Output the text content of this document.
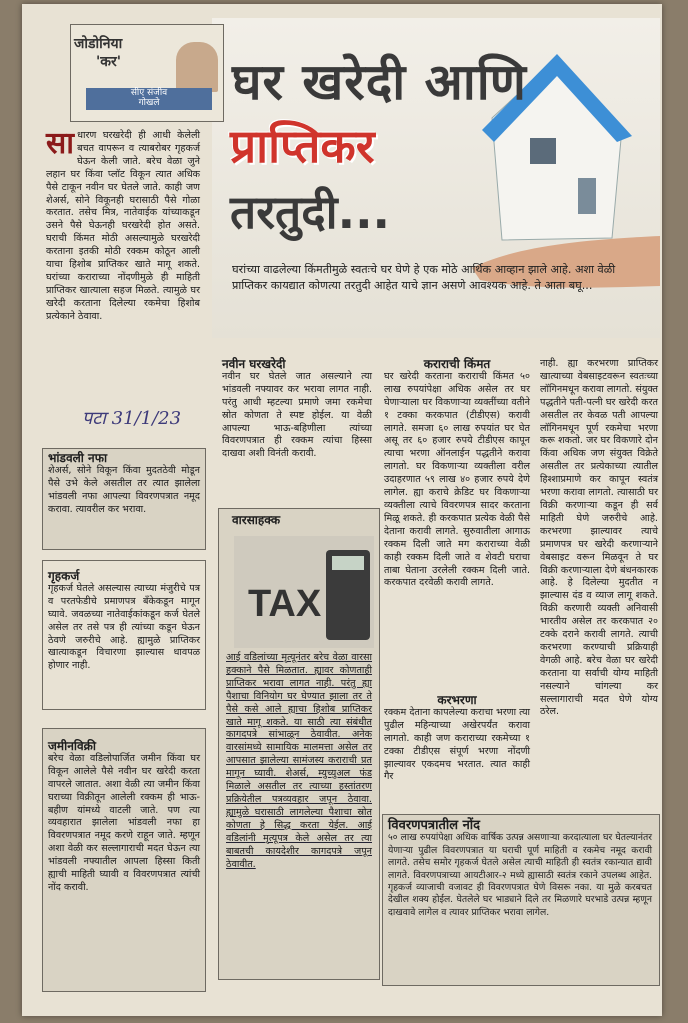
जोडोनिया
'कर'
सीए संजीव
गोखले	घर खरेदी आणि
प्राप्तिकर
तरतुदी...
घरांच्या वाढलेल्या किंमतीमुळे स्वतःचे घर घेणे हे एक मोठे आर्थिक आव्हान झाले आहे. अशा वेळी प्राप्तिकर कायद्यात कोणत्या तरतुदी आहेत याचे ज्ञान असणे आवश्यक आहे. ते आता बघू...
सा धारण घरखरेदी ही आधी केलेली बचत वापरून व त्याबरोबर गृहकर्ज घेऊन केली जाते. बरेच वेळा जुने लहान घर किंवा प्लॉट विकून त्यात अधिक पैसे टाकून नवीन घर घेतले जाते. काही जण शेअर्स, सोने विकूनही घरासाठी पैसे गोळा करतात. तसेच मित्र, नातेवाईक यांच्याकडून उसने पैसे घेऊनही घरखरेदी होत असते. घराची किंमत मोठी असल्यामुळे घरखरेदी करताना इतकी मोठी रक्कम कोठून आली याचा हिशोब प्राप्तिकर खाते मागू शकते. घरांच्या कराराच्या नोंदणीमुळे ही माहिती प्राप्तिकर खात्याला सहज मिळते. त्यामुळे घर खरेदी करताना दिलेल्या रकमेचा हिशोब प्रत्येकाने ठेवावा.
पटा 31/1/23

भांडवली नफा

शेअर्स, सोने विकून किंवा मुदतठेवी मोडून पैसे उभे केले असतील तर त्यात झालेला भांडवली नफा आपल्या विवरणपत्रात नमूद करावा. त्यावरील कर भरावा.

गृहकर्ज

गृहकर्ज घेतले असल्यास त्याच्या मंजुरीचे पत्र व परतफेडीचे प्रमाणपत्र बँकेकडून मागून घ्यावे. जवळच्या नातेवाईकांकडून कर्ज घेतले असेल तर तसे पत्र ही त्यांच्या कडून घेऊन ठेवणे जरुरीचे आहे. ह्यामुळे प्राप्तिकर खात्याकडून विचारणा झाल्यास धावपळ होणार नाही.

जमीनविक्री

बरेच वेळा वडिलोपार्जित जमीन किंवा घर विकून आलेले पैसे नवीन घर खरेदी करता वापरले जातात. अशा वेळी त्या जमीन किंवा घराच्या विक्रीतून आलेली रक्कम ही भाऊ-बहीण यांमध्ये वाटली जाते. पण त्या व्यवहारात झालेला भांडवली नफा हा विवरणपत्रात नमूद करणे राहून जाते. म्हणून अशा वेळी कर सल्लागाराची मदत घेऊन त्या भांडवली नफ्यातील आपला हिस्सा किती ह्याची माहिती घ्यावी व विवरणपत्रात त्यांची नोंद करावी.

नवीन घरखरेदी

नवीन घर घेतले जात असल्याने त्या भांडवली नफ्यावर कर भरावा लागत नाही. परंतु आधी म्हटल्या प्रमाणे जमा रकमेचा स्रोत कोणता ते स्पष्ट होईल. या वेळी आपल्या भाऊ-बहिणीला त्यांच्या विवरणपत्रात ही रक्कम त्यांचा हिस्सा दाखवा अशी विनंती करावी.

वारसाहक्क

TAX

आई वडिलांच्या मृत्यूनंतर बरेच वेळा वारसा हक्काने पैसे मिळतात. ह्यावर कोणताही प्राप्तिकर भरावा लागत नाही. परंतु ह्या पैशाचा विनियोग घर घेण्यात झाला तर ते पैसे कसे आले ह्याचा हिशोब प्राप्तिकर खाते मागू शकते. या साठी त्या संबंधीत कागदपत्रे सांभाळून ठेवावीत. अनेक वारसांमध्ये सामायिक मालमत्ता असेल तर आपसात झालेल्या सामंजस्य कराराची प्रत मागून घ्यावी. शेअर्स, म्युच्युअल फंड मिळाले असतील तर त्याच्या हस्तांतरण प्रक्रियेतील पत्रव्यवहार जपून ठेवावा. ह्यामुळे घरासाठी लागलेल्या पैशाचा स्रोत कोणता हे सिद्ध करता येईल. आई वडिलांनी मृत्यूपत्र केले असेल तर त्या बाबतची कायदेशीर कागदपत्रे जपून ठेवावीत.

कराराची किंमत

घर खरेदी करताना कराराची किंमत ५० लाख रुपयांपेक्षा अधिक असेल तर घर घेणाऱ्याला घर विकणाऱ्या व्यक्तींच्या वतीने १ टक्का करकपात (टीडीएस) करावी लागते. समजा ६० लाख रुपयांत घर घेत असू तर ६० हजार रुपये टीडीएस कापून त्याचा भरणा ऑनलाईन पद्धतीने करावा लागतो. घर विकणाऱ्या व्यक्तीला वरील उदाहरणात ५९ लाख ४० हजार रुपये देणे लागेल. ह्या कराचे क्रेडिट घर विकणाऱ्या व्यक्तीला त्याचे विवरणपत्र सादर करताना मिळू शकते. ही करकपात प्रत्येक वेळी पैसे देताना करावी लागते. सुरुवातीला आगाऊ रक्कम दिली जाते मग कराराच्या वेळी काही रक्कम दिली जाते व शेवटी घराचा ताबा घेताना उरलेली रक्कम दिली जाते. करकपात दरवेळी करावी लागते.

करभरणा

रक्कम देताना कापलेल्या कराचा भरणा त्या पुढील महिन्याच्या अखेरपर्यंत करावा लागतो. काही जण कराराच्या रकमेच्या १ टक्का टीडीएस संपूर्ण भरणा नोंदणी झाल्यावर एकदमच भरतात. त्यात काही गैर

नाही. ह्या करभरणा प्राप्तिकर खात्याच्या वेबसाइटवरून स्वतःच्या लॉगिनमधून करावा लागतो. संयुक्त पद्धतीने पती-पत्नी घर खरेदी करत असतील तर केवळ पती आपल्या लॉगिनमधून पूर्ण रकमेचा भरणा करू शकतो. जर घर विकणारे दोन किंवा अधिक जण संयुक्त विक्रेते असतील तर प्रत्येकाच्या त्यातील हिश्शाप्रमाणे कर कापून स्वतंत्र भरणा करावा लागतो. त्यासाठी घर विक्री करणाऱ्या कडून ही सर्व माहिती घेणे जरुरीचे आहे. करभरणा झाल्यावर त्याचे प्रमाणपत्र घर खरेदी करणाऱ्याने वेबसाइट वरून मिळवून ते घर विक्री करणाऱ्याला देणे बंधनकारक आहे. हे दिलेल्या मुदतीत न झाल्यास दंड व व्याज लागू शकते. विक्री करणारी व्यक्ती अनिवासी भारतीय असेल तर करकपात २० टक्के दराने करावी लागते. त्याची करभरणा करण्याची प्रक्रियाही वेगळी आहे. बरेच वेळा घर खरेदी करताना या सर्वाची योग्य माहिती नसल्याने चांगल्या कर सल्लागाराची मदत घेणे योग्य ठरेल.

विवरणपत्रातील नोंद

५० लाख रुपयांपेक्षा अधिक वार्षिक उत्पन्न असणाऱ्या करदात्याला घर घेतल्यानंतर येणाऱ्या पुढील विवरणपत्रात या घराची पूर्ण माहिती व रकमेच नमूद करावी लागते. तसेच समोर गृहकर्ज घेतले असेल त्याची माहिती ही स्वतंत्र रकान्यात द्यावी लागते. विवरणपत्राच्या आयटीआर-२ मध्ये ह्यासाठी स्वतंत्र रकाने उपलब्ध आहेत. गृहकर्ज व्याजाची वजावट ही विवरणपत्रात घेणे विसरू नका. या मुळे करबचत देखील शक्य होईल. घेतलेले घर भाड्याने दिले तर मिळणारे घरभाडे उत्पन्न म्हणून दाखवावे लागेल व त्यावर प्राप्तिकर भरावा लागेल.
